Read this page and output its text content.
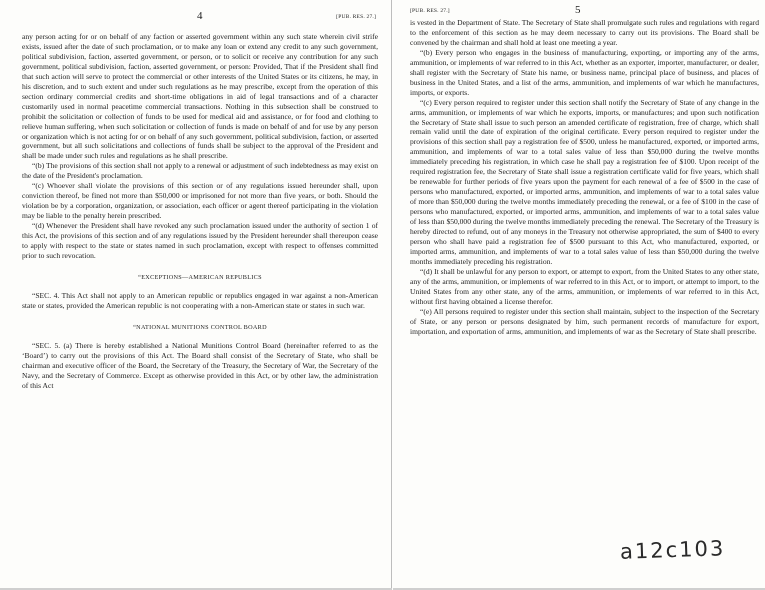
4	[PUB. RES. 27.]

any person acting for or on behalf of any faction or asserted government within any such state wherein civil strife exists, issued after the date of such proclamation, or to make any loan or extend any credit to any such government, political subdivision, faction, asserted government, or person, or to solicit or receive any contribution for any such government, political subdivision, faction, asserted government, or person: Provided, That if the President shall find that such action will serve to protect the commercial or other interests of the United States or its citizens, he may, in his discretion, and to such extent and under such regulations as he may prescribe, except from the operation of this section ordinary commercial credits and short-time obligations in aid of legal transactions and of a character customarily used in normal peacetime commercial transactions. Nothing in this subsection shall be construed to prohibit the solicitation or collection of funds to be used for medical aid and assistance, or for food and clothing to relieve human suffering, when such solicitation or collection of funds is made on behalf of and for use by any person or organization which is not acting for or on behalf of any such government, political subdivision, faction, or asserted government, but all such solicitations and collections of funds shall be subject to the approval of the President and shall be made under such rules and regulations as he shall prescribe.

“(b) The provisions of this section shall not apply to a renewal or adjustment of such indebtedness as may exist on the date of the President's proclamation.

“(c) Whoever shall violate the provisions of this section or of any regulations issued hereunder shall, upon conviction thereof, be fined not more than $50,000 or imprisoned for not more than five years, or both. Should the violation be by a corporation, organization, or association, each officer or agent thereof participating in the violation may be liable to the penalty herein prescribed.

“(d) Whenever the President shall have revoked any such proclamation issued under the authority of section 1 of this Act, the provisions of this section and of any regulations issued by the President hereunder shall thereupon cease to apply with respect to the state or states named in such proclamation, except with respect to offenses committed prior to such revocation.

“EXCEPTIONS—AMERICAN REPUBLICS

“SEC. 4. This Act shall not apply to an American republic or republics engaged in war against a non-American state or states, provided the American republic is not cooperating with a non-American state or states in such war.

“NATIONAL MUNITIONS CONTROL BOARD

“SEC. 5. (a) There is hereby established a National Munitions Control Board (hereinafter referred to as the ‘Board’) to carry out the provisions of this Act. The Board shall consist of the Secretary of State, who shall be chairman and executive officer of the Board, the Secretary of the Treasury, the Secretary of War, the Secretary of the Navy, and the Secretary of Commerce. Except as otherwise provided in this Act, or by other law, the administration of this Act

[PUB. RES. 27.]	5

is vested in the Department of State. The Secretary of State shall promulgate such rules and regulations with regard to the enforcement of this section as he may deem necessary to carry out its provisions. The Board shall be convened by the chairman and shall hold at least one meeting a year.

“(b) Every person who engages in the business of manufacturing, exporting, or importing any of the arms, ammunition, or implements of war referred to in this Act, whether as an exporter, importer, manufacturer, or dealer, shall register with the Secretary of State his name, or business name, principal place of business, and places of business in the United States, and a list of the arms, ammunition, and implements of war which he manufactures, imports, or exports.

“(c) Every person required to register under this section shall notify the Secretary of State of any change in the arms, ammunition, or implements of war which he exports, imports, or manufactures; and upon such notification the Secretary of State shall issue to such person an amended certificate of registration, free of charge, which shall remain valid until the date of expiration of the original certificate. Every person required to register under the provisions of this section shall pay a registration fee of $500, unless he manufactured, exported, or imported arms, ammunition, and implements of war to a total sales value of less than $50,000 during the twelve months immediately preceding his registration, in which case he shall pay a registration fee of $100. Upon receipt of the required registration fee, the Secretary of State shall issue a registration certificate valid for five years, which shall be renewable for further periods of five years upon the payment for each renewal of a fee of $500 in the case of persons who manufactured, exported, or imported arms, ammunition, and implements of war to a total sales value of more than $50,000 during the twelve months immediately preceding the renewal, or a fee of $100 in the case of persons who manufactured, exported, or imported arms, ammunition, and implements of war to a total sales value of less than $50,000 during the twelve months immediately preceding the renewal. The Secretary of the Treasury is hereby directed to refund, out of any moneys in the Treasury not otherwise appropriated, the sum of $400 to every person who shall have paid a registration fee of $500 pursuant to this Act, who manufactured, exported, or imported arms, ammunition, and implements of war to a total sales value of less than $50,000 during the twelve months immediately preceding his registration.

“(d) It shall be unlawful for any person to export, or attempt to export, from the United States to any other state, any of the arms, ammunition, or implements of war referred to in this Act, or to import, or attempt to import, to the United States from any other state, any of the arms, ammunition, or implements of war referred to in this Act, without first having obtained a license therefor.

“(e) All persons required to register under this section shall maintain, subject to the inspection of the Secretary of State, or any person or persons designated by him, such permanent records of manufacture for export, importation, and exportation of arms, ammunition, and implements of war as the Secretary of State shall prescribe.

a12c103
